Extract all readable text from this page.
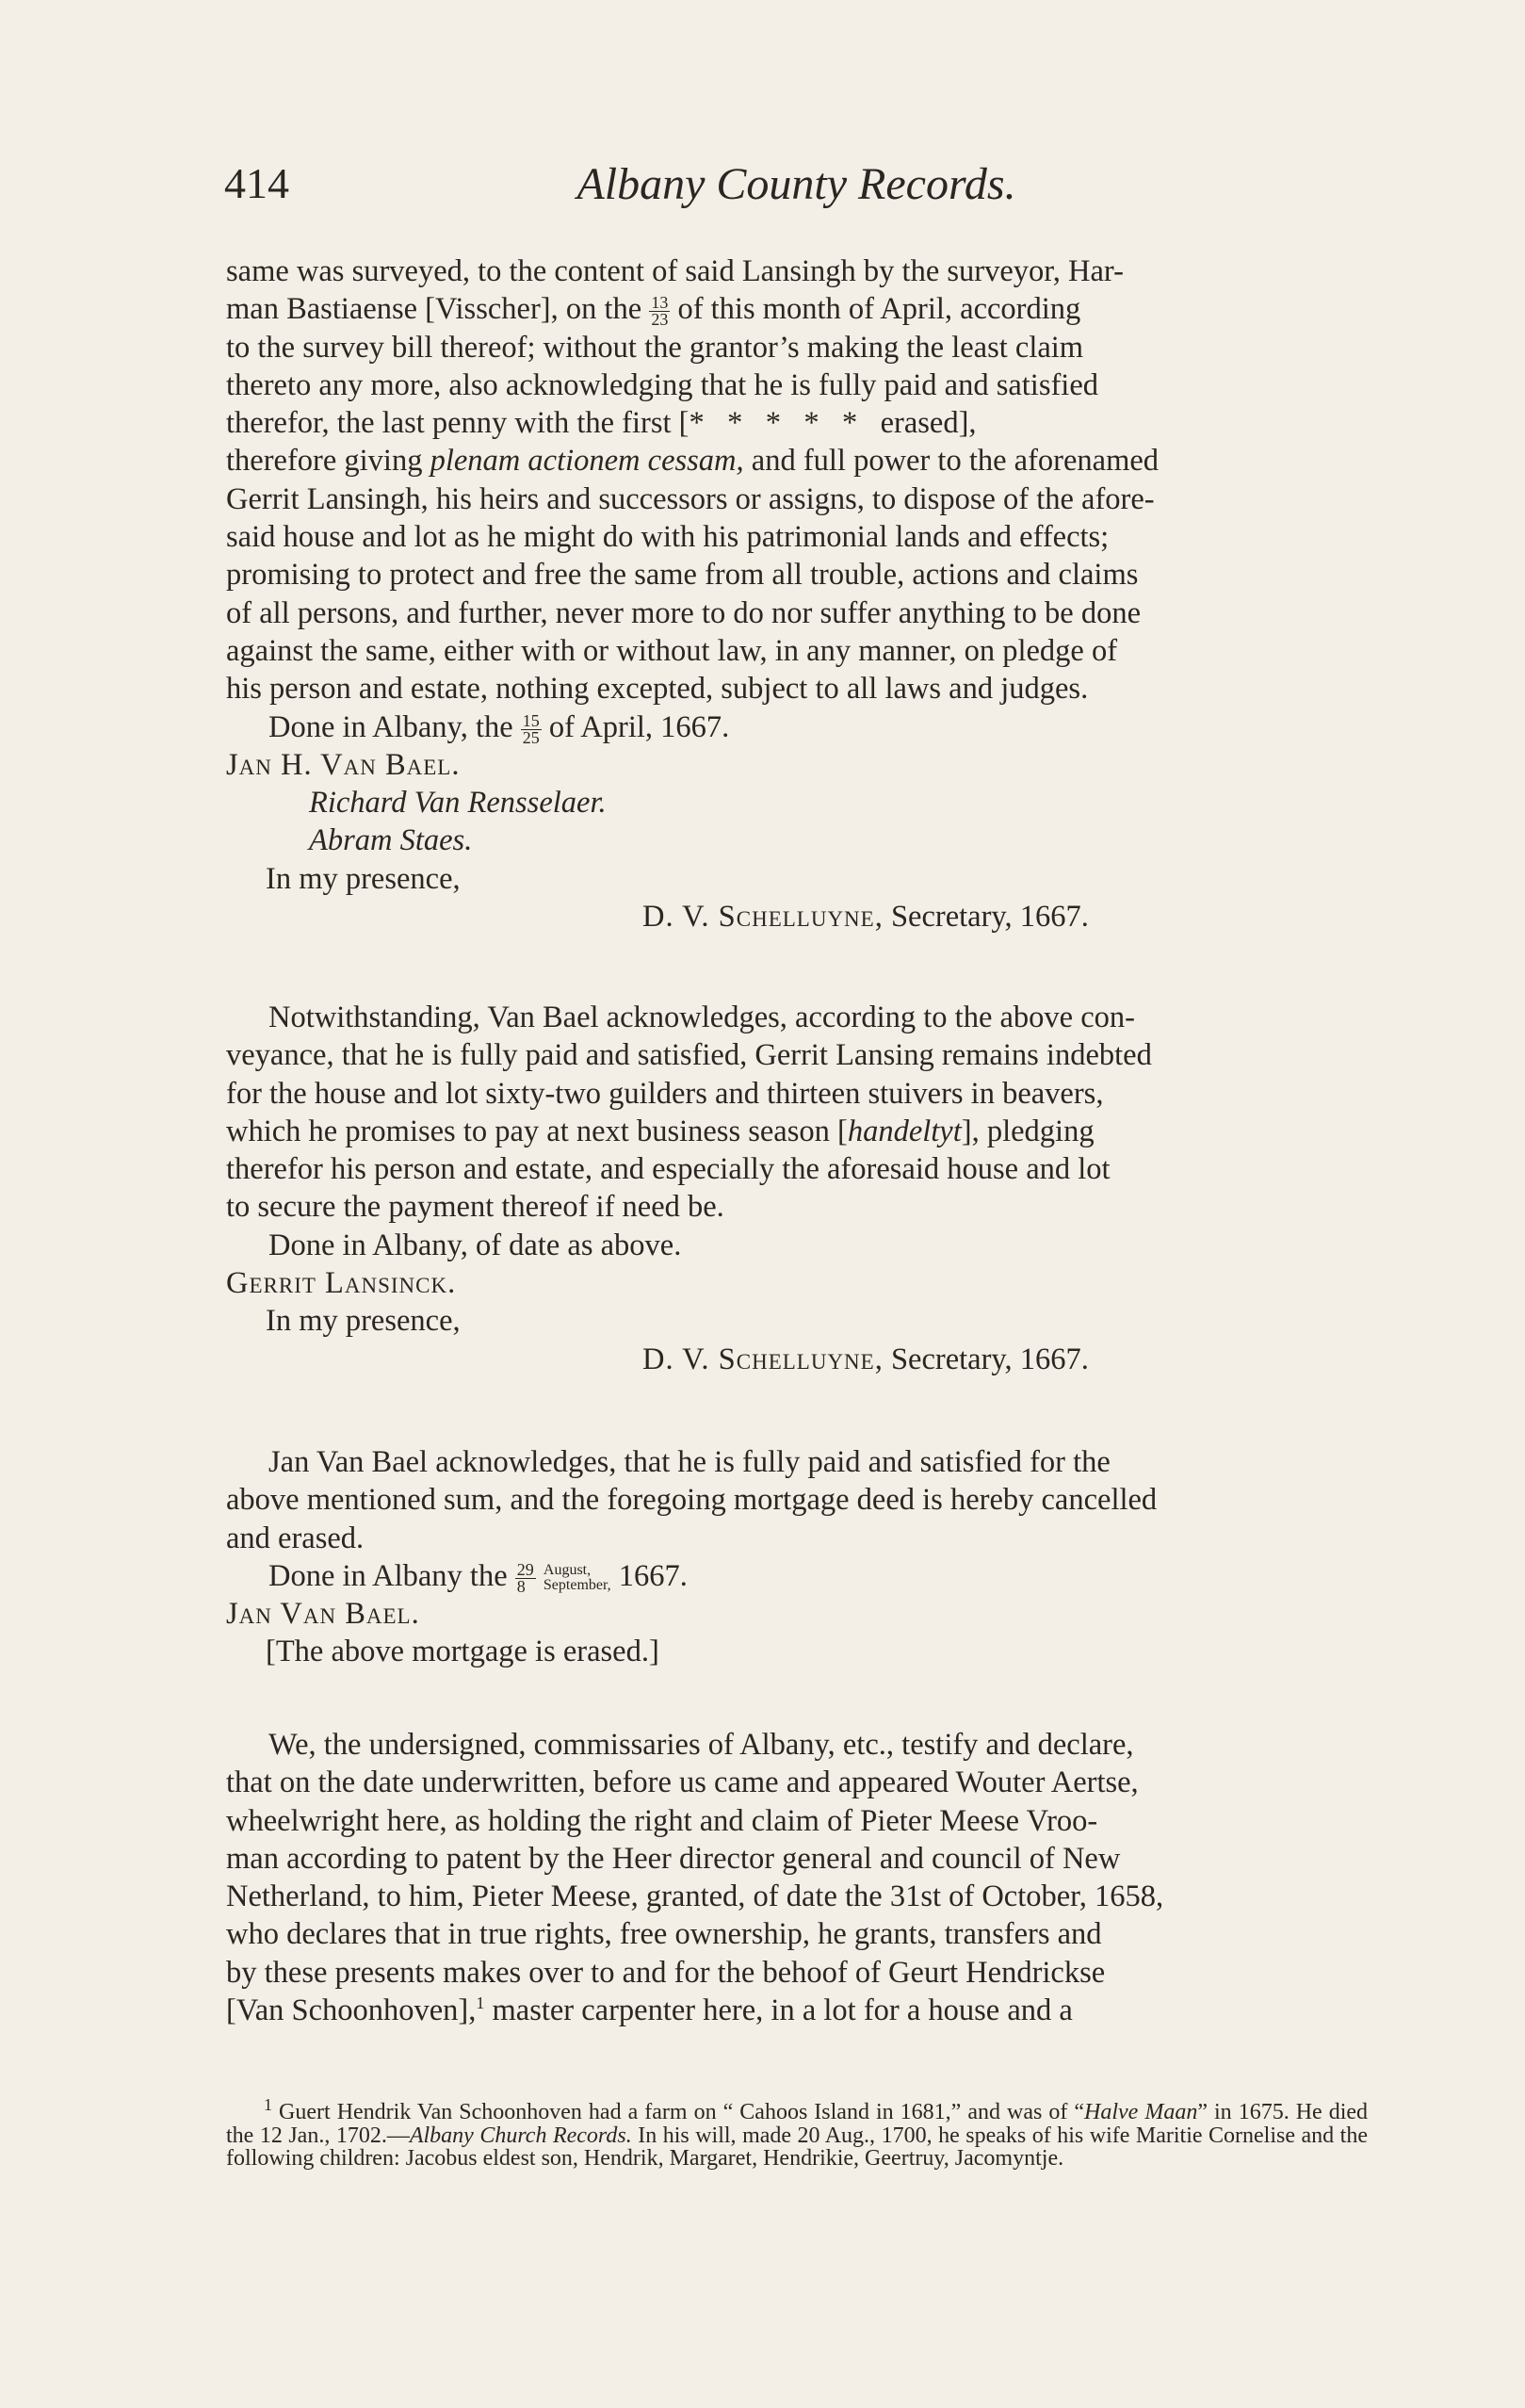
414	Albany County Records.
same was surveyed, to the content of said Lansingh by the surveyor, Har-
man Bastiaense [Visscher], on the $\frac{13}{23}$ of this month of April, according
to the survey bill thereof; without the grantor’s making the least claim
thereto any more, also acknowledging that he is fully paid and satisfied
therefor, the last penny with the first [*   *   *   *   *   erased],
therefore giving plenam actionem cessam, and full power to the aforenamed
Gerrit Lansingh, his heirs and successors or assigns, to dispose of the afore-
said house and lot as he might do with his patrimonial lands and effects;
promising to protect and free the same from all trouble, actions and claims
of all persons, and further, never more to do nor suffer anything to be done
against the same, either with or without law, in any manner, on pledge of
his person and estate, nothing excepted, subject to all laws and judges.
Done in Albany, the $\frac{15}{25}$ of April, 1667.
Jan H. Van Bael.
Richard Van Rensselaer.
Abram Staes.
In my presence,
D. V. Schelluyne, Secretary, 1667.
Notwithstanding, Van Bael acknowledges, according to the above con-
veyance, that he is fully paid and satisfied, Gerrit Lansing remains indebted
for the house and lot sixty-two guilders and thirteen stuivers in beavers,
which he promises to pay at next business season [handeltyt], pledging
therefor his person and estate, and especially the aforesaid house and lot
to secure the payment thereof if need be.
Done in Albany, of date as above.
Gerrit Lansinck.
In my presence,
D. V. Schelluyne, Secretary, 1667.
Jan Van Bael acknowledges, that he is fully paid and satisfied for the
above mentioned sum, and the foregoing mortgage deed is hereby cancelled
and erased.
Done in Albany the $\frac{29}{8}$
August,
September, 1667.
Jan Van Bael.
[The above mortgage is erased.]
We, the undersigned, commissaries of Albany, etc., testify and declare,
that on the date underwritten, before us came and appeared Wouter Aertse,
wheelwright here, as holding the right and claim of Pieter Meese Vroo-
man according to patent by the Heer director general and council of New
Netherland, to him, Pieter Meese, granted, of date the 31st of October, 1658,
who declares that in true rights, free ownership, he grants, transfers and
by these presents makes over to and for the behoof of Geurt Hendrickse
[Van Schoonhoven],$^1$ master carpenter here, in a lot for a house and a

$^1$ Guert Hendrik Van Schoonhoven had a farm on “ Cahoos Island in 1681,” and was of “Halve Maan” in 1675. He died the 12 Jan., 1702.—Albany Church Records. In his will, made 20 Aug., 1700, he speaks of his wife Maritie Cornelise and the following children: Jacobus eldest son, Hendrik, Margaret, Hendrikie, Geertruy, Jacomyntje.
